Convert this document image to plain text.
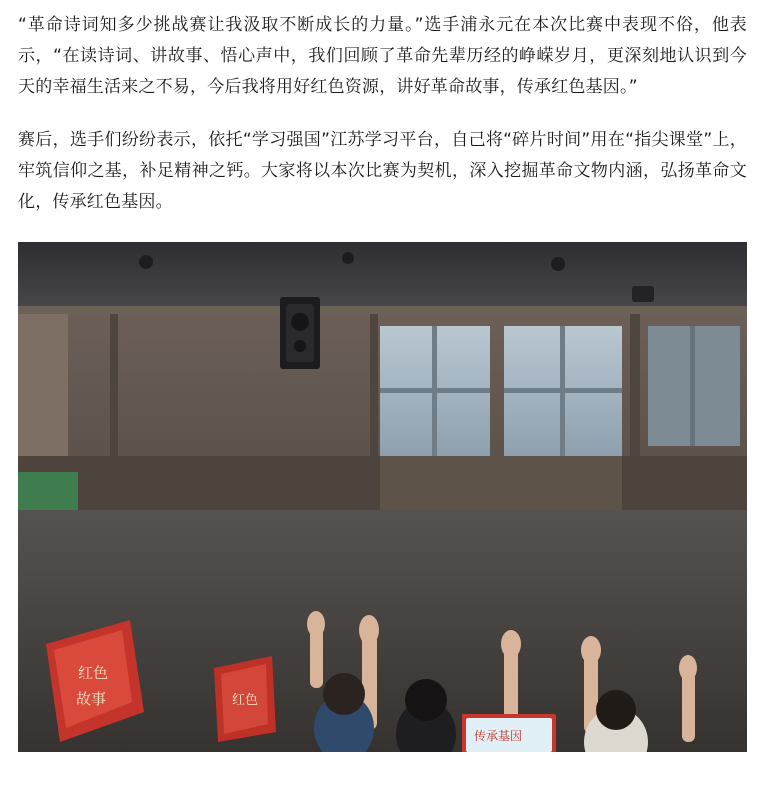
“革命诗词知多少挑战赛让我汲取不断成长的力量。”选手浦永元在本次比赛中表现不俗，他表示，“在读诗词、讲故事、悟心声中，我们回顾了革命先辈历经的峥嵘岁月，更深刻地认识到今天的幸福生活来之不易，今后我将用好红色资源，讲好革命故事，传承红色基因。”

赛后，选手们纷纷表示，依托“学习强国”江苏学习平台，自己将“碎片时间”用在“指尖课堂”上，牢筑信仰之基，补足精神之钙。大家将以本次比赛为契机，深入挖掘革命文物内涵，弘扬革命文化，传承红色基因。

红色
故事	红色
传承基因
